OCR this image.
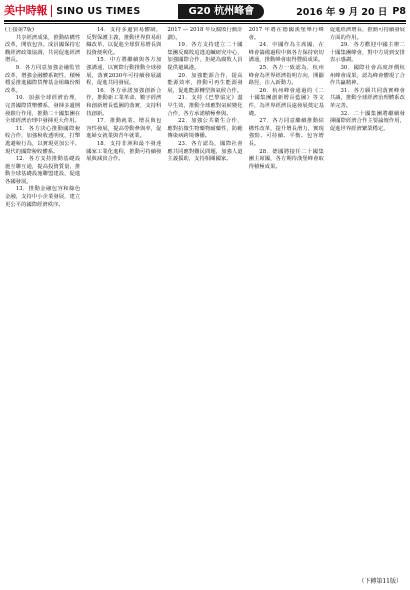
美中時報 SINO US TIMES	G20 杭州峰會	2016 年 9 月 20 日 P8

(上接第7版)

共享經濟成果，推動結構性改革，開放包容。成員國保持宏觀經濟政策協調，共同促進經濟增長。

9．各方同意加強金融監管改革，增強金融體系韌性，積極穩妥推進國際貨幣基金組織份額改革。

10．加强全球經濟治理，完善國際貨幣體系，發揮多邊開發銀行作用，推動二十國集團在全球經濟治理中發揮更大作用。

11．各方決心推動國際稅收合作，加強稅收透明度，打擊逃避稅行為，以實現更加公平、現代的國際稅收體系。

12．各方支持推動基礎設施互聯互通，提高投資質量，推動全球基礎設施聯盟建設，促進各國發展。

13．推動金融包容和綠色金融，支持中小企業發展，建立更公平的國際經濟秩序。

14．支持多邊貿易體制，反對保護主義，推動世界貿易組織改革，以促進全球貿易增長與投資便利化。

15．中方將繼續與各方加強溝通，以實際行動推動全球發展，落實2030年可持續發展議程，促進共同發展。

16．各方承諾加強創新合作，推動新工業革命、數字經濟和創新增長藍圖的落實，支持科技創新。

17．推動就業、增長與包容性發展，提高勞動參與率，促進婦女就業與青年就業。

18．支持非洲和最不發達國家工業化進程，推動可持續發展與減貧合作。

2017 — 2018 年反腐敗行動計劃》。

19．各方支持建立二十國集團反腐敗追逃追贓研究中心，加強國際合作，拒絕為腐敗人員提供避風港。

20．加強能源合作，提高能源效率，推動可再生能源發展，促進能源轉型與氣候合作。

21．支持《巴黎協定》盡早生效，推動全球應對氣候變化合作，各方承諾積極參與。

22．加強公共衛生合作，應對抗微生物藥物耐藥性，防範傳染病跨境傳播。

23．各方認為，國際社會應共同應對難民問題，加強人道主義援助，支持相關國家。

2017 年將在德國漢堡舉行峰會。

24．中國作為主席國，在峰會籌備過程中與各方保持密切溝通，推動峰會取得豐碩成果。

25．各方一致認為，杭州峰會為世界經濟指明方向，開闢路徑，注入新動力。

26．杭州峰會通過的《二十國集團創新增長藍圖》等文件，為世界經濟長遠發展奠定基礎。

27．各方同意繼續推動結構性改革，提升增長潛力，實現強勁、可持續、平衡、包容增長。

28．德國將接任二十國集團主席國，各方期待漢堡峰會取得積極成果。

促進經濟增長、推動可持續發展方面的作用。

29．各方歡迎中國主辦二十國集團峰會，對中方周到安排表示感謝。

30．國際社會高度評價杭州峰會成果，認為峰會體現了合作共贏精神。

31．各方願共同落實峰會共識，推動全球經濟治理體系改革完善。

32．二十國集團將繼續發揮國際經濟合作主要論壇作用，促進世界經濟繁榮穩定。

（下轉第11版）
